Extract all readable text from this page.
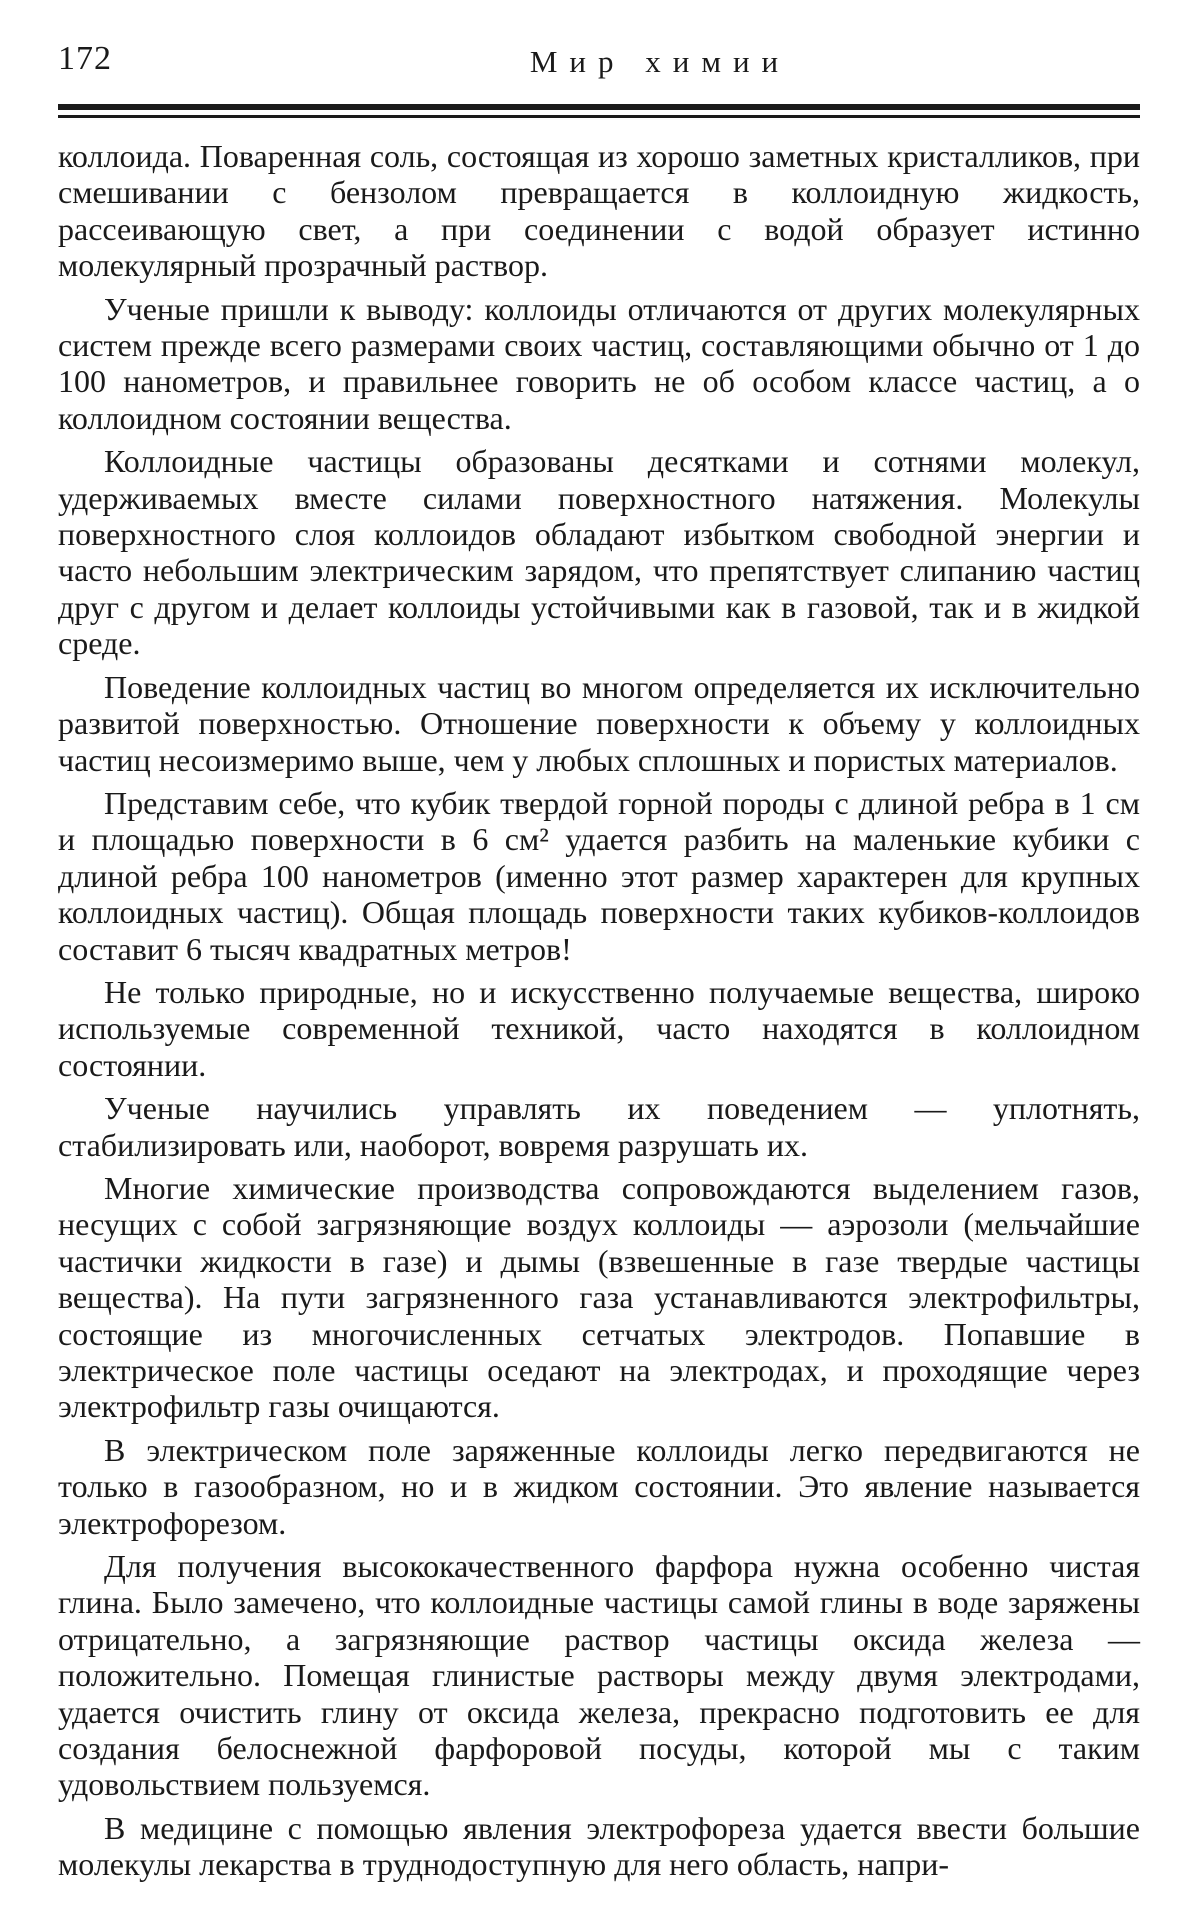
172	Мир химии

коллоида. Поваренная соль, состоящая из хорошо заметных кристалликов, при смешивании с бензолом превращается в коллоидную жидкость, рассеивающую свет, а при соединении с водой образует истинно молекулярный прозрачный раствор.

Ученые пришли к выводу: коллоиды отличаются от других молекулярных систем прежде всего размерами своих частиц, составляющими обычно от 1 до 100 нанометров, и правильнее говорить не об особом классе частиц, а о коллоидном состоянии вещества.

Коллоидные частицы образованы десятками и сотнями молекул, удерживаемых вместе силами поверхностного натяжения. Молекулы поверхностного слоя коллоидов обладают избытком свободной энергии и часто небольшим электрическим зарядом, что препятствует слипанию частиц друг с другом и делает коллоиды устойчивыми как в газовой, так и в жидкой среде.

Поведение коллоидных частиц во многом определяется их исключительно развитой поверхностью. Отношение поверхности к объему у коллоидных частиц несоизмеримо выше, чем у любых сплошных и пористых материалов.

Представим себе, что кубик твердой горной породы с длиной ребра в 1 см и площадью поверхности в 6 см² удается разбить на маленькие кубики с длиной ребра 100 нанометров (именно этот размер характерен для крупных коллоидных частиц). Общая площадь поверхности таких кубиков-коллоидов составит 6 тысяч квадратных метров!

Не только природные, но и искусственно получаемые вещества, широко используемые современной техникой, часто находятся в коллоидном состоянии.

Ученые научились управлять их поведением — уплотнять, стабилизировать или, наоборот, вовремя разрушать их.

Многие химические производства сопровождаются выделением газов, несущих с собой загрязняющие воздух коллоиды — аэрозоли (мельчайшие частички жидкости в газе) и дымы (взвешенные в газе твердые частицы вещества). На пути загрязненного газа устанавливаются электрофильтры, состоящие из многочисленных сетчатых электродов. Попавшие в электрическое поле частицы оседают на электродах, и проходящие через электрофильтр газы очищаются.

В электрическом поле заряженные коллоиды легко передвигаются не только в газообразном, но и в жидком состоянии. Это явление называется электрофорезом.

Для получения высококачественного фарфора нужна особенно чистая глина. Было замечено, что коллоидные частицы самой глины в воде заряжены отрицательно, а загрязняющие раствор частицы оксида железа — положительно. Помещая глинистые растворы между двумя электродами, удается очистить глину от оксида железа, прекрасно подготовить ее для создания белоснежной фарфоровой посуды, которой мы с таким удовольствием пользуемся.

В медицине с помощью явления электрофореза удается ввести большие молекулы лекарства в труднодоступную для него область, напри-
